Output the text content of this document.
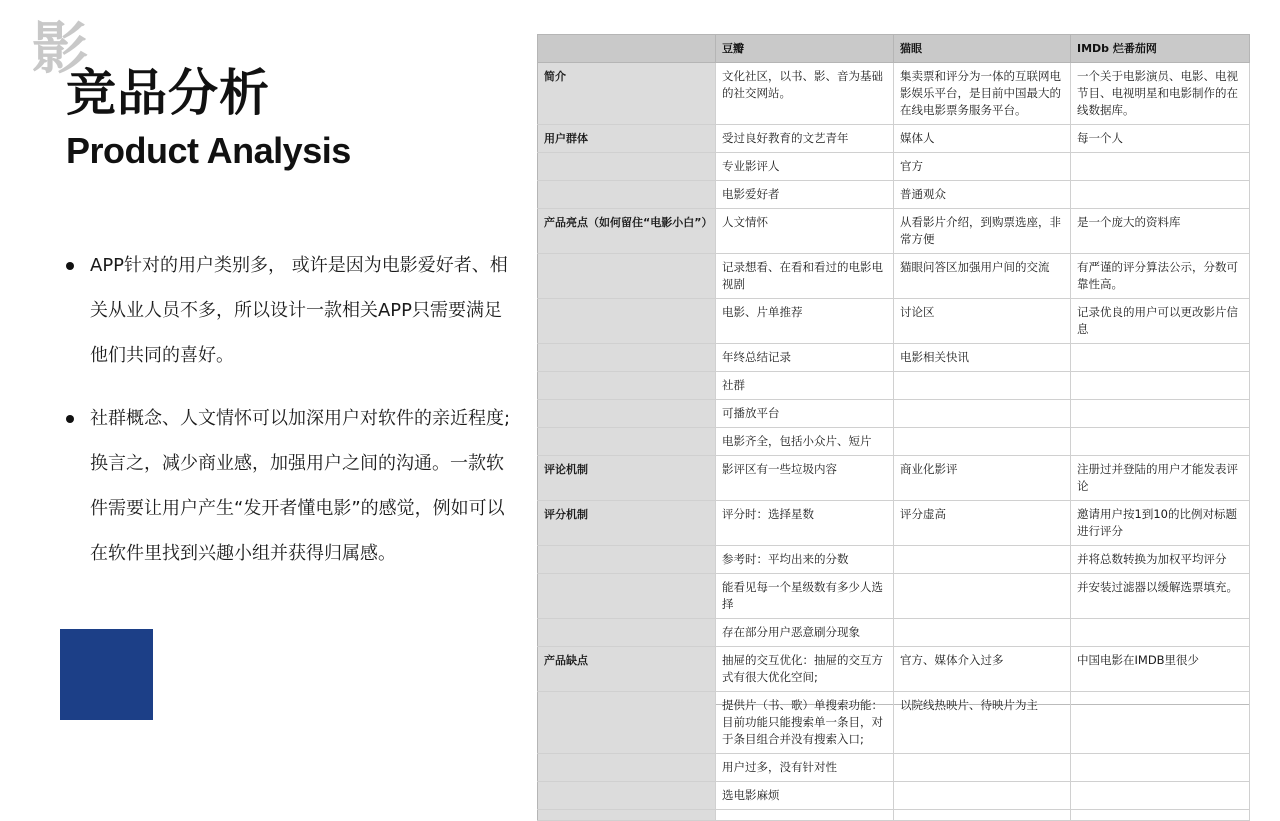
影
竞品分析
Product Analysis
APP针对的用户类别多， 或许是因为电影爱好者、相关从业人员不多，所以设计一款相关APP只需要满足他们共同的喜好。
社群概念、人文情怀可以加深用户对软件的亲近程度;换言之，减少商业感，加强用户之间的沟通。一款软件需要让用户产生“发开者懂电影”的感觉，例如可以在软件里找到兴趣小组并获得归属感。
	豆瓣	猫眼	IMDb 烂番茄网
简介	文化社区，以书、影、音为基础的社交网站。	集卖票和评分为一体的互联网电影娱乐平台，是目前中国最大的在线电影票务服务平台。	一个关于电影演员、电影、电视节目、电视明星和电影制作的在线数据库。
用户群体	受过良好教育的文艺青年	媒体人	每一个人
	专业影评人	官方	
	电影爱好者	普通观众	
产品亮点（如何留住“电影小白”）	人文情怀	从看影片介绍，到购票选座，非常方便	是一个庞大的资料库
	记录想看、在看和看过的电影电视剧	猫眼问答区加强用户间的交流	有严谨的评分算法公示，分数可靠性高。
	电影、片单推荐	讨论区	记录优良的用户可以更改影片信息
	年终总结记录	电影相关快讯	
	社群		
	可播放平台		
	电影齐全，包括小众片、短片		
评论机制	影评区有一些垃圾内容	商业化影评	注册过并登陆的用户才能发表评论
评分机制	评分时：选择星数	评分虚高	邀请用户按1到10的比例对标题进行评分
	参考时：平均出来的分数		并将总数转换为加权平均评分
	能看见每一个星级数有多少人选择		并安装过滤器以缓解选票填充。
	存在部分用户恶意刷分现象		
产品缺点	抽屉的交互优化：抽屉的交互方式有很大优化空间;	官方、媒体介入过多	中国电影在IMDB里很少
	提供片（书、歌）单搜索功能：目前功能只能搜索单一条目，对于条目组合并没有搜索入口;	以院线热映片、待映片为主	
	用户过多，没有针对性		
	选电影麻烦		
